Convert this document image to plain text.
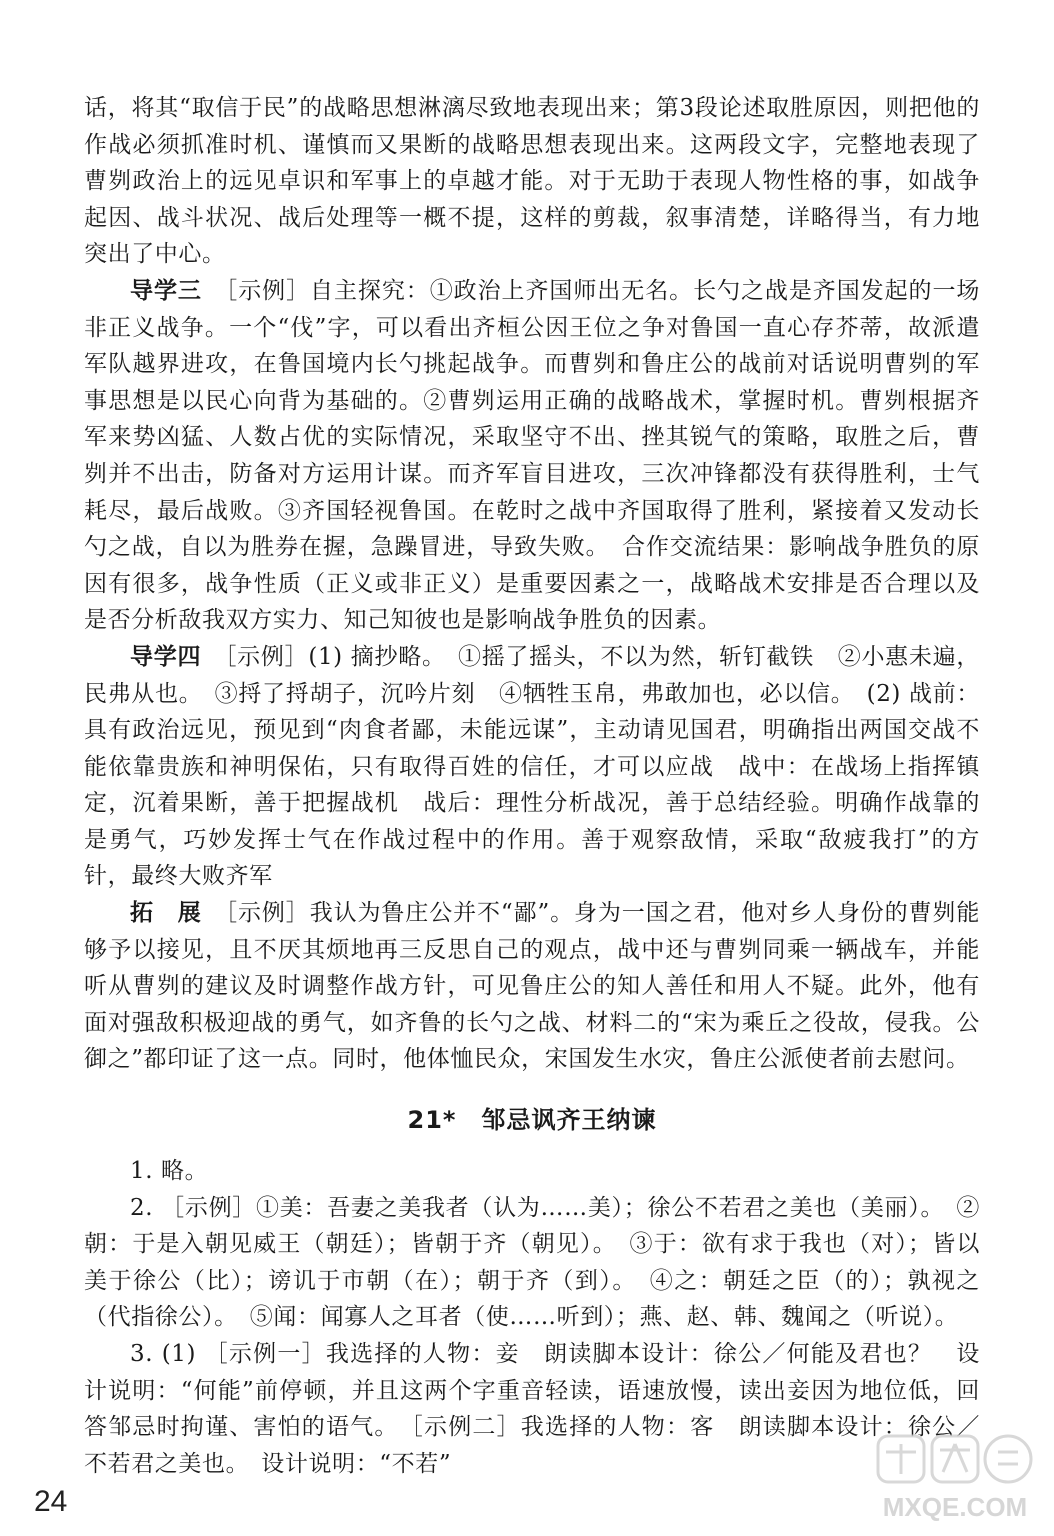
话，将其“取信于民”的战略思想淋漓尽致地表现出来；第3段论述取胜原因，则把他的作战必须抓准时机、谨慎而又果断的战略思想表现出来。这两段文字，完整地表现了曹刿政治上的远见卓识和军事上的卓越才能。对于无助于表现人物性格的事，如战争起因、战斗状况、战后处理等一概不提，这样的剪裁，叙事清楚，详略得当，有力地突出了中心。

导学三　 ［示例］自主探究：①政治上齐国师出无名。长勺之战是齐国发起的一场非正义战争。一个“伐”字，可以看出齐桓公因王位之争对鲁国一直心存芥蒂，故派遣军队越界进攻，在鲁国境内长勺挑起战争。而曹刿和鲁庄公的战前对话说明曹刿的军事思想是以民心向背为基础的。②曹刿运用正确的战略战术，掌握时机。曹刿根据齐军来势凶猛、人数占优的实际情况，采取坚守不出、挫其锐气的策略，取胜之后，曹刿并不出击，防备对方运用计谋。而齐军盲目进攻，三次冲锋都没有获得胜利，士气耗尽，最后战败。③齐国轻视鲁国。在乾时之战中齐国取得了胜利，紧接着又发动长勺之战，自以为胜券在握，急躁冒进，导致失败。　合作交流结果：影响战争胜负的原因有很多，战争性质（正义或非正义）是重要因素之一，战略战术安排是否合理以及是否分析敌我双方实力、知己知彼也是影响战争胜负的因素。

导学四　 ［示例］(1) 摘抄略。　①摇了摇头，不以为然，斩钉截铁　②小惠未遍，民弗从也。　③捋了捋胡子，沉吟片刻　④牺牲玉帛，弗敢加也，必以信。　(2) 战前：具有政治远见，预见到“肉食者鄙，未能远谋”，主动请见国君，明确指出两国交战不能依靠贵族和神明保佑，只有取得百姓的信任，才可以应战　战中：在战场上指挥镇定，沉着果断，善于把握战机　战后：理性分析战况，善于总结经验。明确作战靠的是勇气，巧妙发挥士气在作战过程中的作用。善于观察敌情，采取“敌疲我打”的方针，最终大败齐军

拓　展　 ［示例］我认为鲁庄公并不“鄙”。身为一国之君，他对乡人身份的曹刿能够予以接见，且不厌其烦地再三反思自己的观点，战中还与曹刿同乘一辆战车，并能听从曹刿的建议及时调整作战方针，可见鲁庄公的知人善任和用人不疑。此外，他有面对强敌积极迎战的勇气，如齐鲁的长勺之战、材料二的“宋为乘丘之役故，侵我。公御之”都印证了这一点。同时，他体恤民众，宋国发生水灾，鲁庄公派使者前去慰问。

21*　邹忌讽齐王纳谏

1. 略。

2. ［示例］①美：吾妻之美我者（认为……美）；徐公不若君之美也（美丽）。　②朝：于是入朝见威王（朝廷）；皆朝于齐（朝见）。　③于：欲有求于我也（对）；皆以美于徐公（比）；谤讥于市朝（在）；朝于齐（到）。　④之：朝廷之臣（的）；孰视之（代指徐公）。　⑤闻：闻寡人之耳者（使……听到）；燕、赵、韩、魏闻之（听说）。

3. (1) ［示例一］我选择的人物：妾　朗读脚本设计：徐公／何能及君也？　设计说明：“何能”前停顿，并且这两个字重音轻读，语速放慢，读出妾因为地位低，回答邹忌时拘谨、害怕的语气。　［示例二］我选择的人物：客　朗读脚本设计：徐公／不若君之美也。　设计说明：“不若”

24	MXQE.COM
